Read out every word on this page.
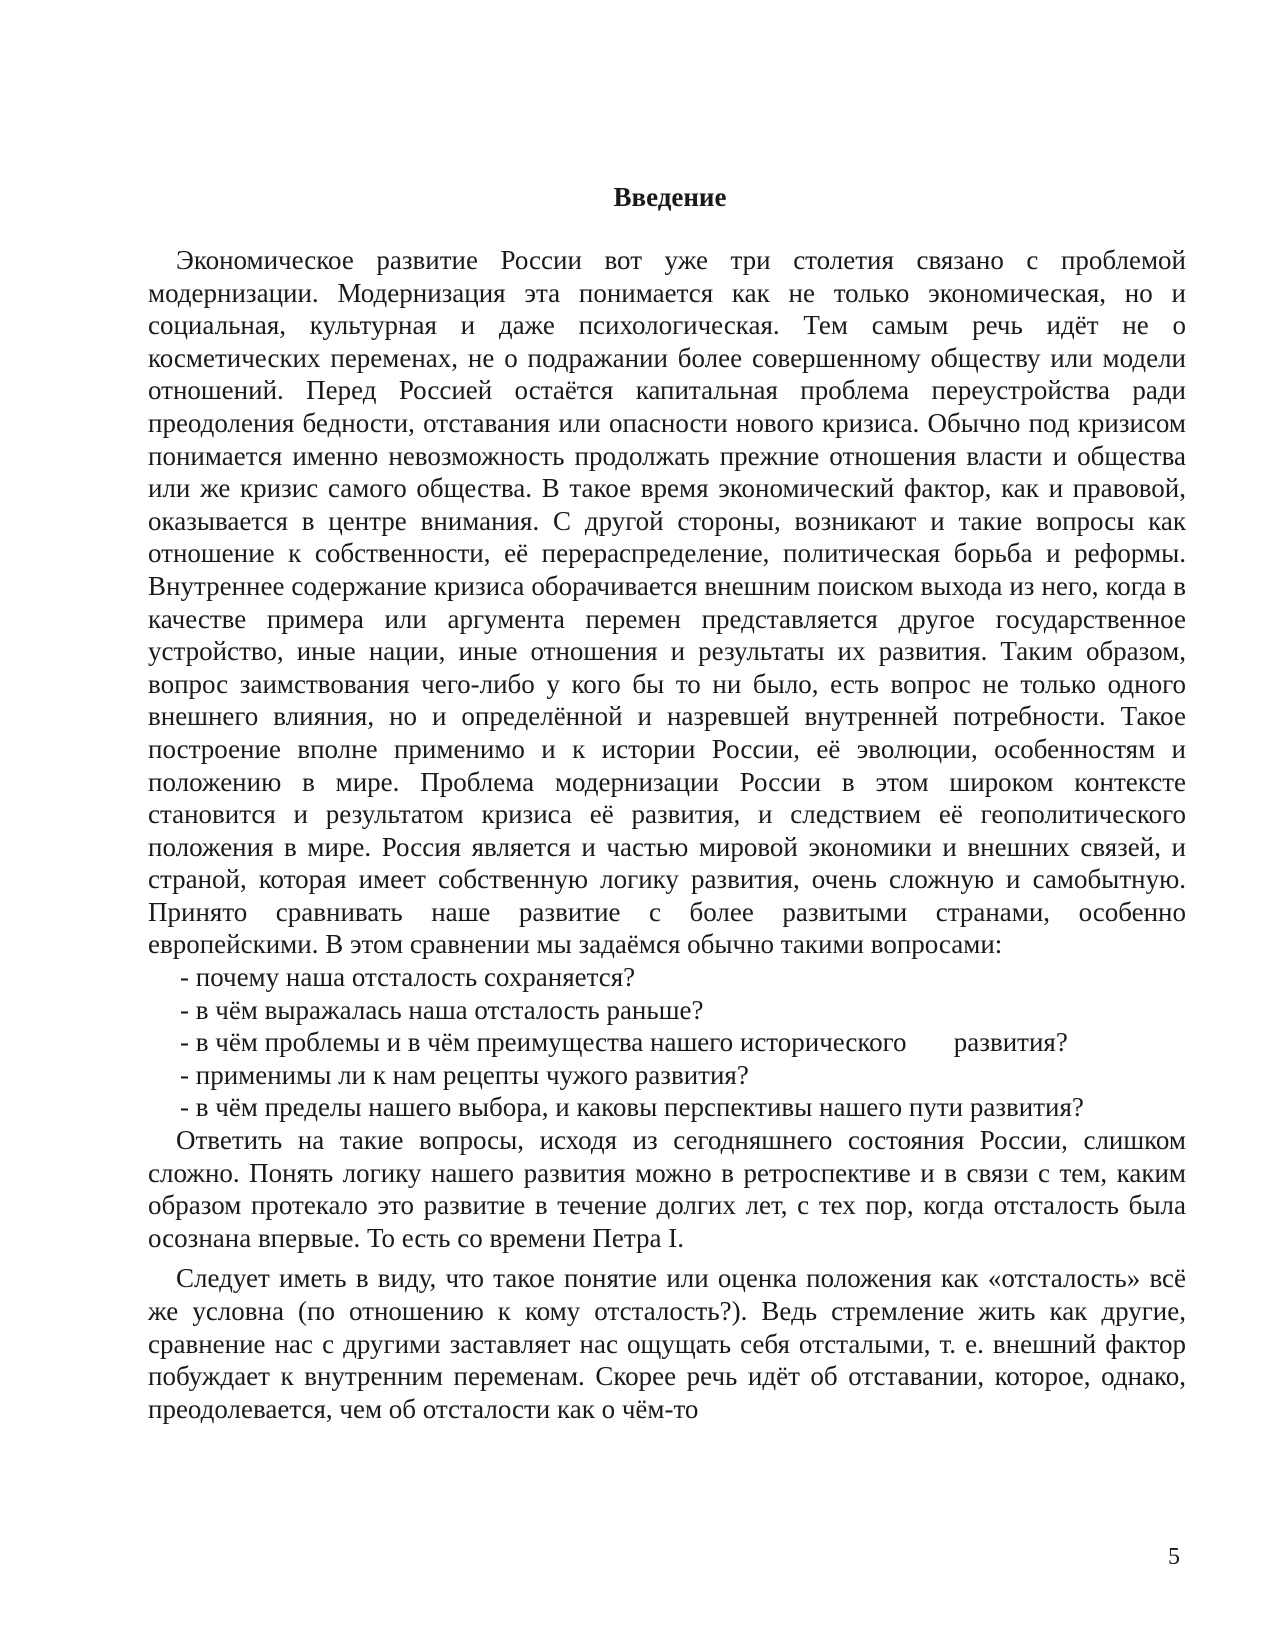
Введение

Экономическое развитие России вот уже три столетия связано с проблемой модернизации. Модернизация эта понимается как не только экономическая, но и социальная, культурная и даже психологическая. Тем самым речь идёт не о косметических переменах, не о подражании более совершенному обществу или модели отношений. Перед Россией остаётся капитальная проблема переустройства ради преодоления бедности, отставания или опасности нового кризиса. Обычно под кризисом понимается именно невозможность продолжать прежние отношения власти и общества или же кризис самого общества. В такое время экономический фактор, как и правовой, оказывается в центре внимания. С другой стороны, возникают и такие вопросы как отношение к собственности, её перераспределение, политическая борьба и реформы. Внутреннее содержание кризиса оборачивается внешним поиском выхода из него, когда в качестве примера или аргумента перемен представляется другое государственное устройство, иные нации, иные отношения и результаты их развития. Таким образом, вопрос заимствования чего-либо у кого бы то ни было, есть вопрос не только одного внешнего влияния, но и определённой и назревшей внутренней потребности. Такое построение вполне применимо и к истории России, её эволюции, особенностям и положению в мире. Проблема модернизации России в этом широком контексте становится и результатом кризиса её развития, и следствием её геополитического положения в мире. Россия является и частью мировой экономики и внешних связей, и страной, которая имеет собственную логику развития, очень сложную и самобытную. Принято сравнивать наше развитие с более развитыми странами, особенно европейскими. В этом сравнении мы задаёмся обычно такими вопросами:

- почему наша отсталость сохраняется?
- в чём выражалась наша отсталость раньше?
- в чём проблемы и в чём преимущества нашего исторического       развития?
- применимы ли к нам рецепты чужого развития?
- в чём пределы нашего выбора, и каковы перспективы нашего пути развития?

Ответить на такие вопросы, исходя из сегодняшнего состояния России, слишком сложно. Понять логику нашего развития можно в ретроспективе и в связи с тем, каким образом протекало это развитие в течение долгих лет, с тех пор, когда отсталость была осознана впервые. То есть со времени Петра I.

Следует иметь в виду, что такое понятие или оценка положения как «отсталость» всё же условна (по отношению к кому отсталость?). Ведь стремление жить как другие, сравнение нас с другими заставляет нас ощущать себя отсталыми, т. е. внешний фактор побуждает к внутренним переменам. Скорее речь идёт об отставании, которое, однако, преодолевается, чем об отсталости как о чём-то

5
